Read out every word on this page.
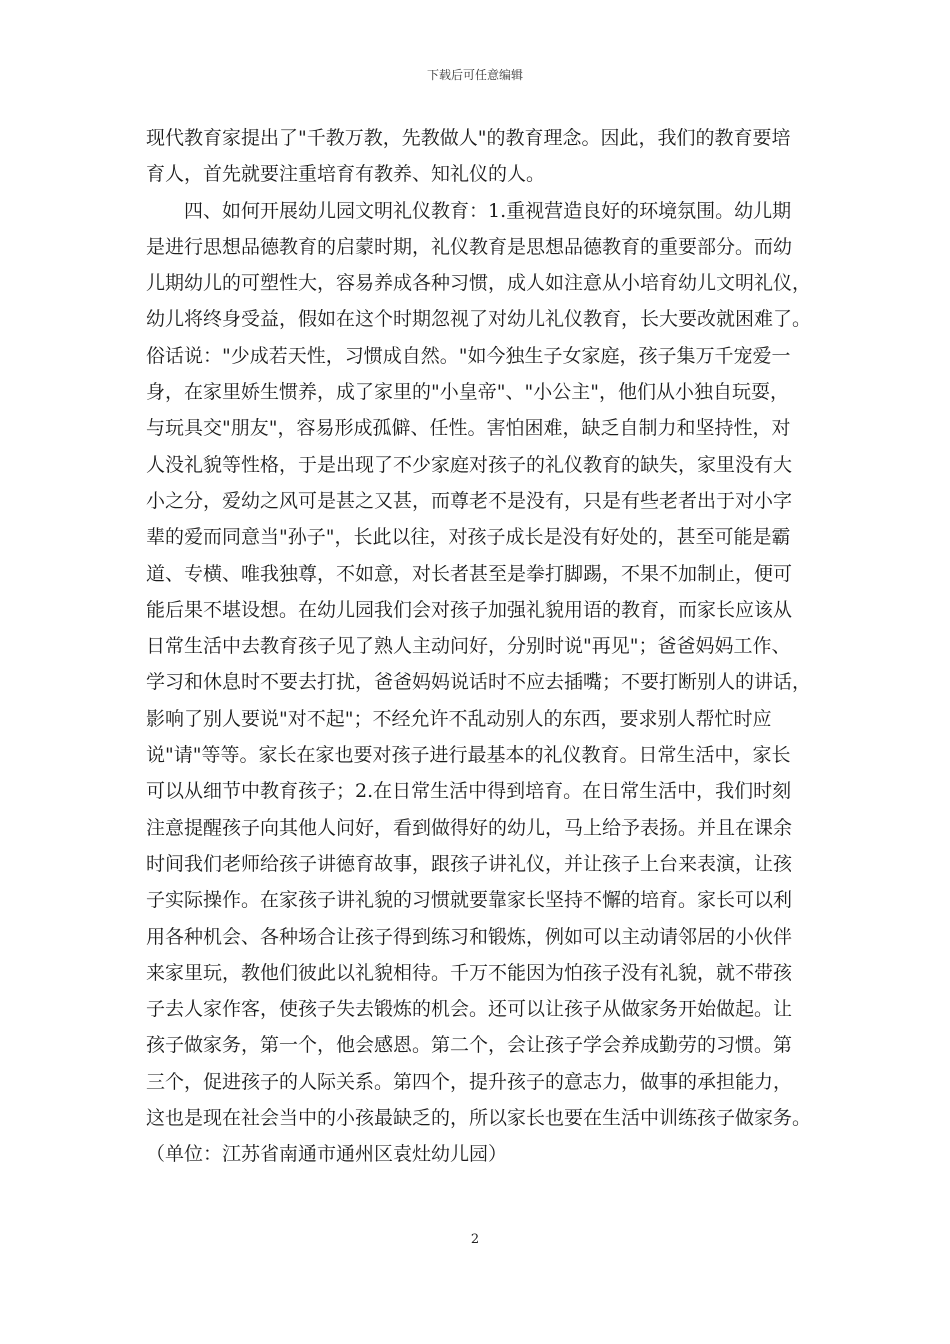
下载后可任意编辑
现代教育家提出了"千教万教，先教做人"的教育理念。因此，我们的教育要培
育人，首先就要注重培育有教养、知礼仪的人。
四、如何开展幼儿园文明礼仪教育：1.重视营造良好的环境氛围。幼儿期
是进行思想品德教育的启蒙时期，礼仪教育是思想品德教育的重要部分。而幼
儿期幼儿的可塑性大，容易养成各种习惯，成人如注意从小培育幼儿文明礼仪，
幼儿将终身受益，假如在这个时期忽视了对幼儿礼仪教育，长大要改就困难了。
俗话说："少成若天性，习惯成自然。"如今独生子女家庭，孩子集万千宠爱一
身，在家里娇生惯养，成了家里的"小皇帝"、"小公主"，他们从小独自玩耍，
与玩具交"朋友"，容易形成孤僻、任性。害怕困难，缺乏自制力和坚持性，对
人没礼貌等性格，于是出现了不少家庭对孩子的礼仪教育的缺失，家里没有大
小之分，爱幼之风可是甚之又甚，而尊老不是没有，只是有些老者出于对小字
辈的爱而同意当"孙子"，长此以往，对孩子成长是没有好处的，甚至可能是霸
道、专横、唯我独尊，不如意，对长者甚至是拳打脚踢，不果不加制止，便可
能后果不堪设想。在幼儿园我们会对孩子加强礼貌用语的教育，而家长应该从
日常生活中去教育孩子见了熟人主动问好，分别时说"再见"；爸爸妈妈工作、
学习和休息时不要去打扰，爸爸妈妈说话时不应去插嘴；不要打断别人的讲话，
影响了别人要说"对不起"；不经允许不乱动别人的东西，要求别人帮忙时应
说"请"等等。家长在家也要对孩子进行最基本的礼仪教育。日常生活中，家长
可以从细节中教育孩子；2.在日常生活中得到培育。在日常生活中，我们时刻
注意提醒孩子向其他人问好，看到做得好的幼儿，马上给予表扬。并且在课余
时间我们老师给孩子讲德育故事，跟孩子讲礼仪，并让孩子上台来表演，让孩
子实际操作。在家孩子讲礼貌的习惯就要靠家长坚持不懈的培育。家长可以利
用各种机会、各种场合让孩子得到练习和锻炼，例如可以主动请邻居的小伙伴
来家里玩，教他们彼此以礼貌相待。千万不能因为怕孩子没有礼貌，就不带孩
子去人家作客，使孩子失去锻炼的机会。还可以让孩子从做家务开始做起。让
孩子做家务，第一个，他会感恩。第二个，会让孩子学会养成勤劳的习惯。第
三个，促进孩子的人际关系。第四个，提升孩子的意志力，做事的承担能力，
这也是现在社会当中的小孩最缺乏的，所以家长也要在生活中训练孩子做家务。
（单位：江苏省南通市通州区袁灶幼儿园）
2
